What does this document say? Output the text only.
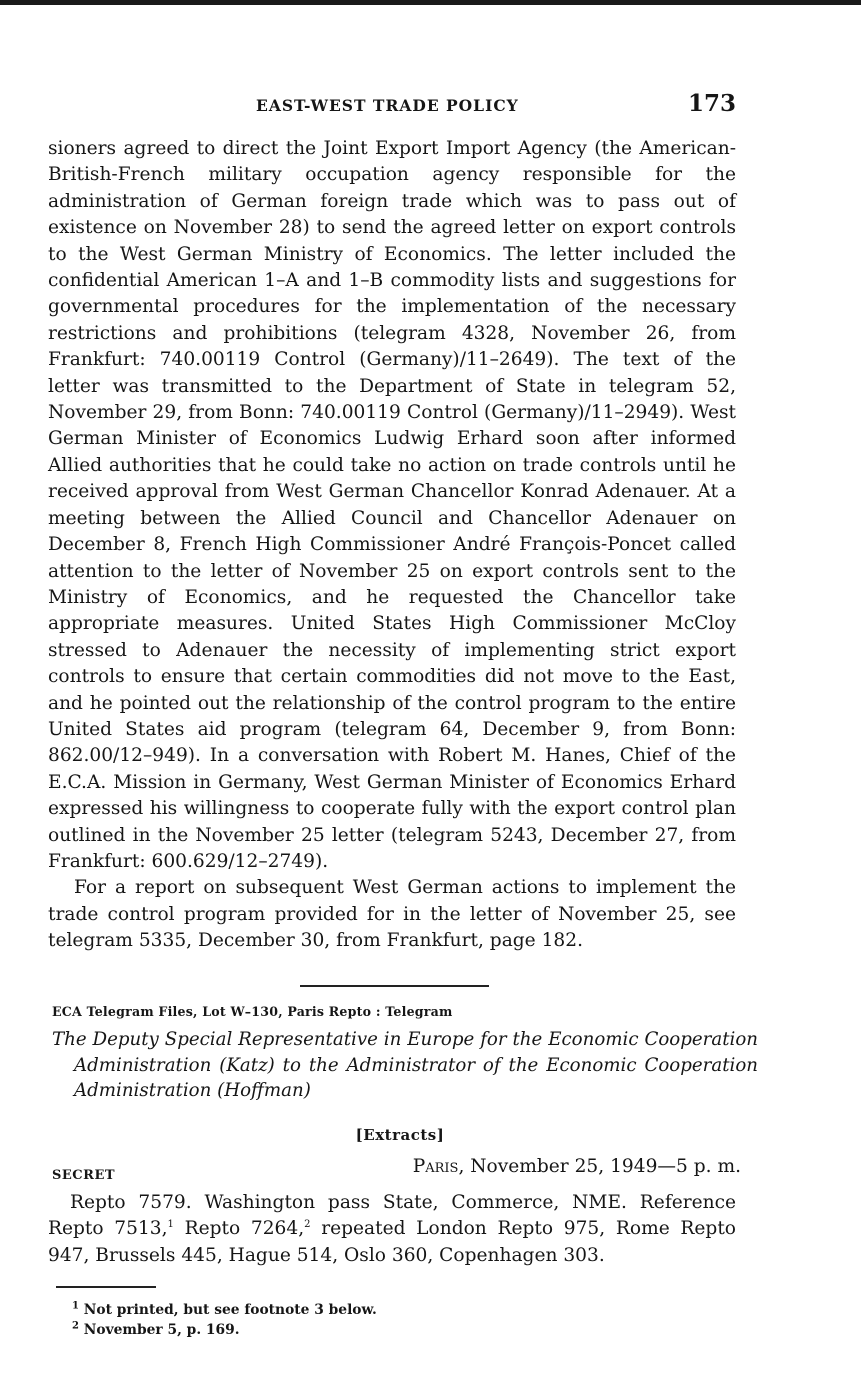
EAST-WEST TRADE POLICY	173

sioners agreed to direct the Joint Export Import Agency (the American-British-French military occupation agency responsible for the administration of German foreign trade which was to pass out of existence on November 28) to send the agreed letter on export controls to the West German Ministry of Economics. The letter included the confidential American 1–A and 1–B commodity lists and suggestions for governmental procedures for the implementation of the necessary restrictions and prohibitions (telegram 4328, November 26, from Frankfurt: 740.00119 Control (Germany)/11–2649). The text of the letter was transmitted to the Department of State in telegram 52, November 29, from Bonn: 740.00119 Control (Germany)/11–2949). West German Minister of Economics Ludwig Erhard soon after informed Allied authorities that he could take no action on trade controls until he received approval from West German Chancellor Konrad Adenauer. At a meeting between the Allied Council and Chancellor Adenauer on December 8, French High Commissioner André François-Poncet called attention to the letter of November 25 on export controls sent to the Ministry of Economics, and he requested the Chancellor take appropriate measures. United States High Commissioner McCloy stressed to Adenauer the necessity of implementing strict export controls to ensure that certain commodities did not move to the East, and he pointed out the relationship of the control program to the entire United States aid program (telegram 64, December 9, from Bonn: 862.00/12–949). In a conversation with Robert M. Hanes, Chief of the E.C.A. Mission in Germany, West German Minister of Economics Erhard expressed his willingness to cooperate fully with the export control plan outlined in the November 25 letter (telegram 5243, December 27, from Frankfurt: 600.629/12–2749).

For a report on subsequent West German actions to implement the trade control program provided for in the letter of November 25, see telegram 5335, December 30, from Frankfurt, page 182.

ECA Telegram Files, Lot W–130, Paris Repto : Telegram
The Deputy Special Representative in Europe for the Economic Cooperation Administration (Katz) to the Administrator of the Economic Cooperation Administration (Hoffman)
[Extracts]
SECRET	Paris, November 25, 1949—5 p. m.
Repto 7579. Washington pass State, Commerce, NME. Reference Repto 7513,$^1$ Repto 7264,$^2$ repeated London Repto 975, Rome Repto 947, Brussels 445, Hague 514, Oslo 360, Copenhagen 303.
$^1$ Not printed, but see footnote 3 below.
$^2$ November 5, p. 169.
